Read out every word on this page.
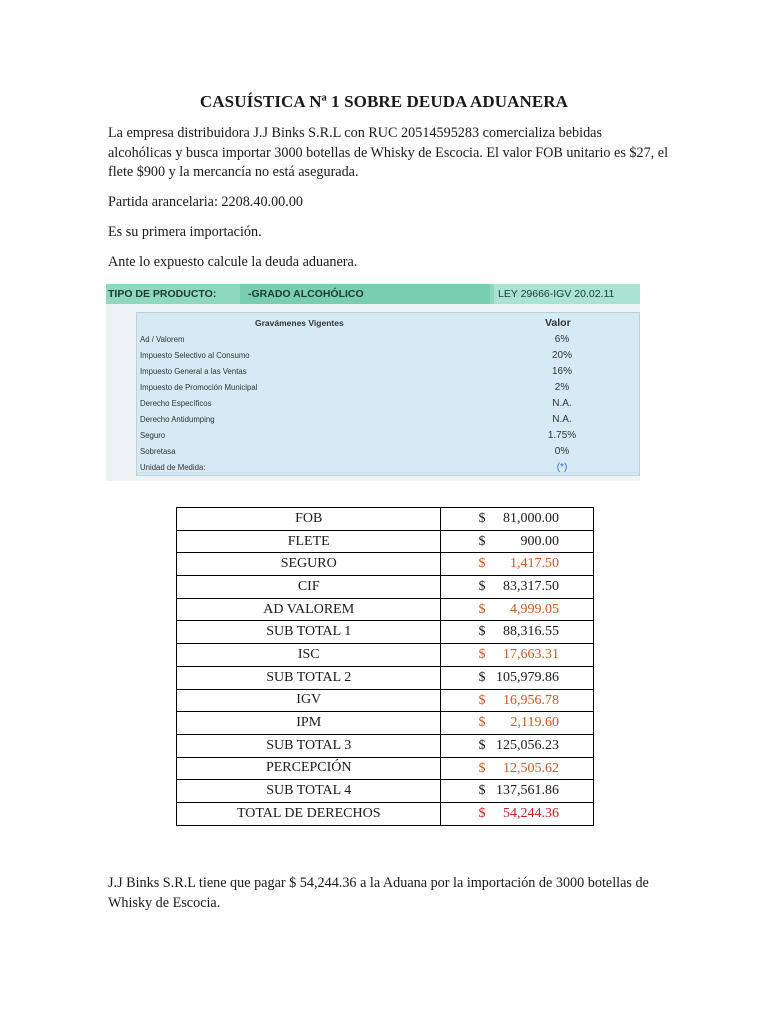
CASUÍSTICA Nª 1 SOBRE DEUDA ADUANERA
La empresa distribuidora J.J Binks S.R.L con RUC 20514595283 comercializa bebidas alcohólicas y busca importar 3000 botellas de Whisky de Escocia. El valor FOB unitario es $27, el flete $900 y la mercancía no está asegurada.
Partida arancelaria: 2208.40.00.00
Es su primera importación.
Ante lo expuesto calcule la deuda aduanera.
TIPO DE PRODUCTO:	-GRADO ALCOHÓLICO	LEY 29666-IGV 20.02.11
Gravámenes Vigentes	Valor
Ad / Valorem	6%
Impuesto Selectivo al Consumo	20%
Impuesto General a las Ventas	16%
Impuesto de Promoción Municipal	2%
Derecho Específicos	N.A.
Derecho Antidumping	N.A.
Seguro	1.75%
Sobretasa	0%
Unidad de Medida:	(*)
FOB	$ 81,000.00

FLETE	$ 900.00

SEGURO	$ 1,417.50

CIF	$ 83,317.50

AD VALOREM	$ 4,999.05

SUB TOTAL 1	$ 88,316.55

ISC	$ 17,663.31

SUB TOTAL 2	$ 105,979.86

IGV	$ 16,956.78

IPM	$ 2,119.60

SUB TOTAL 3	$ 125,056.23

PERCEPCIÓN	$ 12,505.62

SUB TOTAL 4	$ 137,561.86

TOTAL DE DERECHOS	$ 54,244.36
J.J Binks S.R.L tiene que pagar $ 54,244.36 a la Aduana por la importación de 3000 botellas de Whisky de Escocia.
